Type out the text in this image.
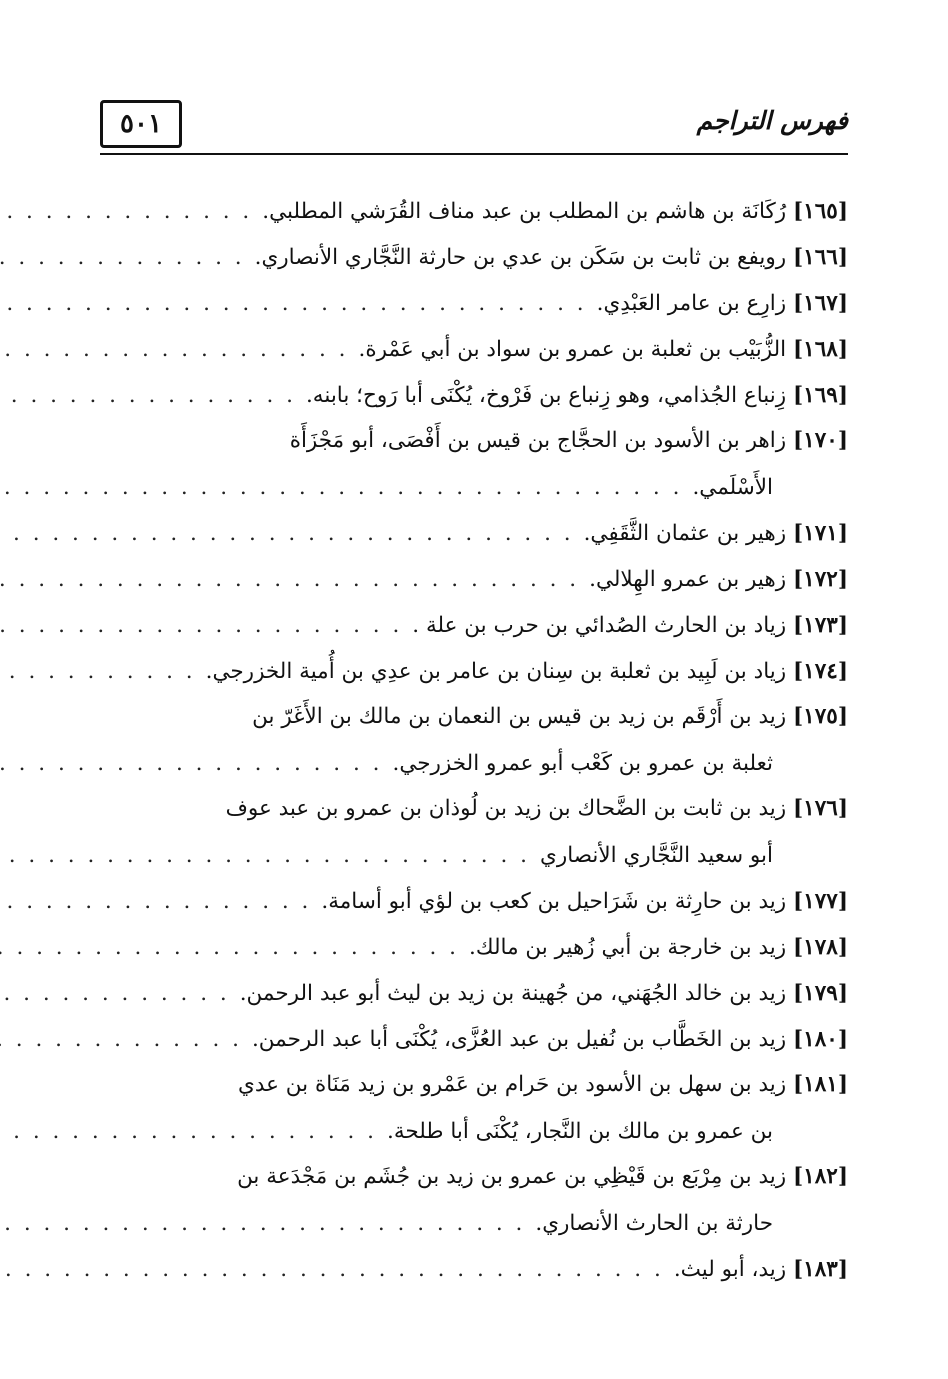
٥٠١	فهرس التراجم
[١٦٥]

رُكَانَة بن هاشم بن المطلب بن عبد مناف القُرَشي المطلبي.
. . .
[١٦٦]

رويفع بن ثابت بن سَكَن بن عدي بن حارثة النَّجَّاري الأنصاري.
. . .
[١٦٧]

زارِع بن عامر العَبْدِي.
. . .
[١٦٨]

الزُّبَيْب بن ثعلبة بن عمرو بن سواد بن أبي عَمْرة.
. . .
[١٦٩]

زِنباع الجُذامي، وهو زِنباع بن فَرْوخ، يُكْنَى أبا رَوح؛ بابنه.
. . .
[١٧٠]

زاهر بن الأسود بن الحجَّاج بن قيس بن أَفْصَى، أبو مَجْزَأَة
الأَسْلَمي.
. . .
[١٧١]

زهير بن عثمان الثَّقَفِي.
. . .
[١٧٢]

زهير بن عمرو الهِلالي.
. . .
[١٧٣]

زياد بن الحارث الصُدائي بن حرب بن علة .
. . .
[١٧٤]

زياد بن لَبِيد بن ثعلبة بن سِنان بن عامر بن عدِي بن أُمية الخزرجي.
. . .
[١٧٥]

زيد بن أَرْقَم بن زيد بن قيس بن النعمان بن مالك بن الأَغَرّ بن
ثعلبة بن عمرو بن كَعْب أبو عمرو الخزرجي.
. . .
[١٧٦]

زيد بن ثابت بن الضَّحاك بن زيد بن لُوذان بن عمرو بن عبد عوف
أبو سعيد النَّجَّاري الأنصاري
. . .
[١٧٧]

زيد بن حارِثة بن شَرَاحيل بن كعب بن لؤي أبو أسامة.
. . .
[١٧٨]

زيد بن خارجة بن أبي زُهير بن مالك.
. . .
[١٧٩]

زيد بن خالد الجُهَني، من جُهينة بن زيد بن ليث أبو عبد الرحمن.
. . .
[١٨٠]

زيد بن الخَطَّاب بن نُفيل بن عبد العُزَّى، يُكْنَى أبا عبد الرحمن.
. . .
[١٨١]

زيد بن سهل بن الأسود بن حَرام بن عَمْرو بن زيد مَنَاة بن عدي
بن عمرو بن مالك بن النَّجار، يُكْنَى أبا طلحة.
. . .
[١٨٢]

زيد بن مِرْبَع بن قَيْظِي بن عمرو بن زيد بن جُشَم بن مَجْدَعة بن
حارثة بن الحارث الأنصاري.
. . .
[١٨٣]

زيد، أبو ليث.
. . .
